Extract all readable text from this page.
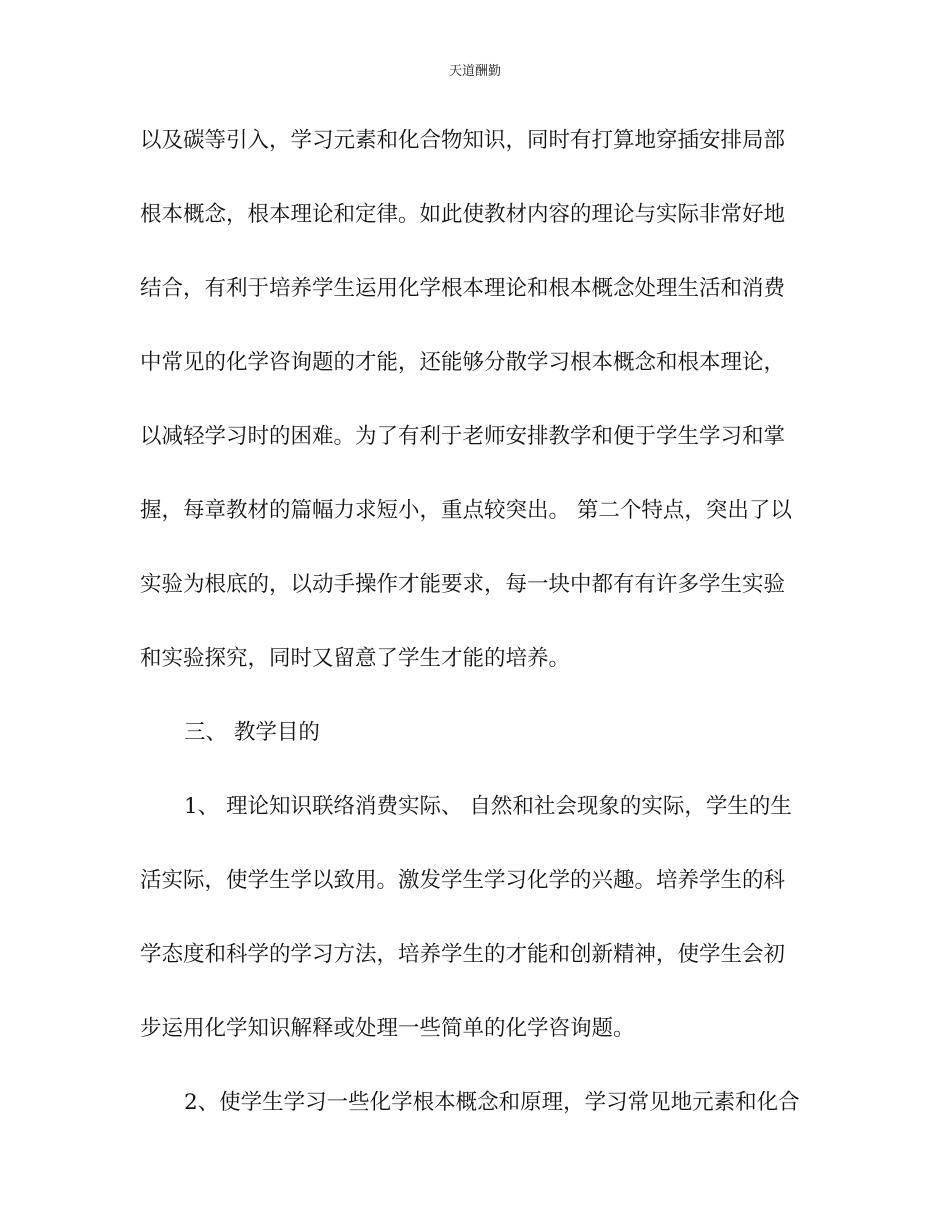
天道酬勤
以及碳等引入，学习元素和化合物知识，同时有打算地穿插安排局部
根本概念，根本理论和定律。如此使教材内容的理论与实际非常好地
结合，有利于培养学生运用化学根本理论和根本概念处理生活和消费
中常见的化学咨询题的才能，还能够分散学习根本概念和根本理论，
以减轻学习时的困难。为了有利于老师安排教学和便于学生学习和掌
握，每章教材的篇幅力求短小，重点较突出。 第二个特点，突出了以
实验为根底的，以动手操作才能要求，每一块中都有有许多学生实验
和实验探究，同时又留意了学生才能的培养。
三、 教学目的
1、 理论知识联络消费实际、 自然和社会现象的实际，学生的生
活实际，使学生学以致用。激发学生学习化学的兴趣。培养学生的科
学态度和科学的学习方法，培养学生的才能和创新精神，使学生会初
步运用化学知识解释或处理一些简单的化学咨询题。
2、使学生学习一些化学根本概念和原理，学习常见地元素和化合
